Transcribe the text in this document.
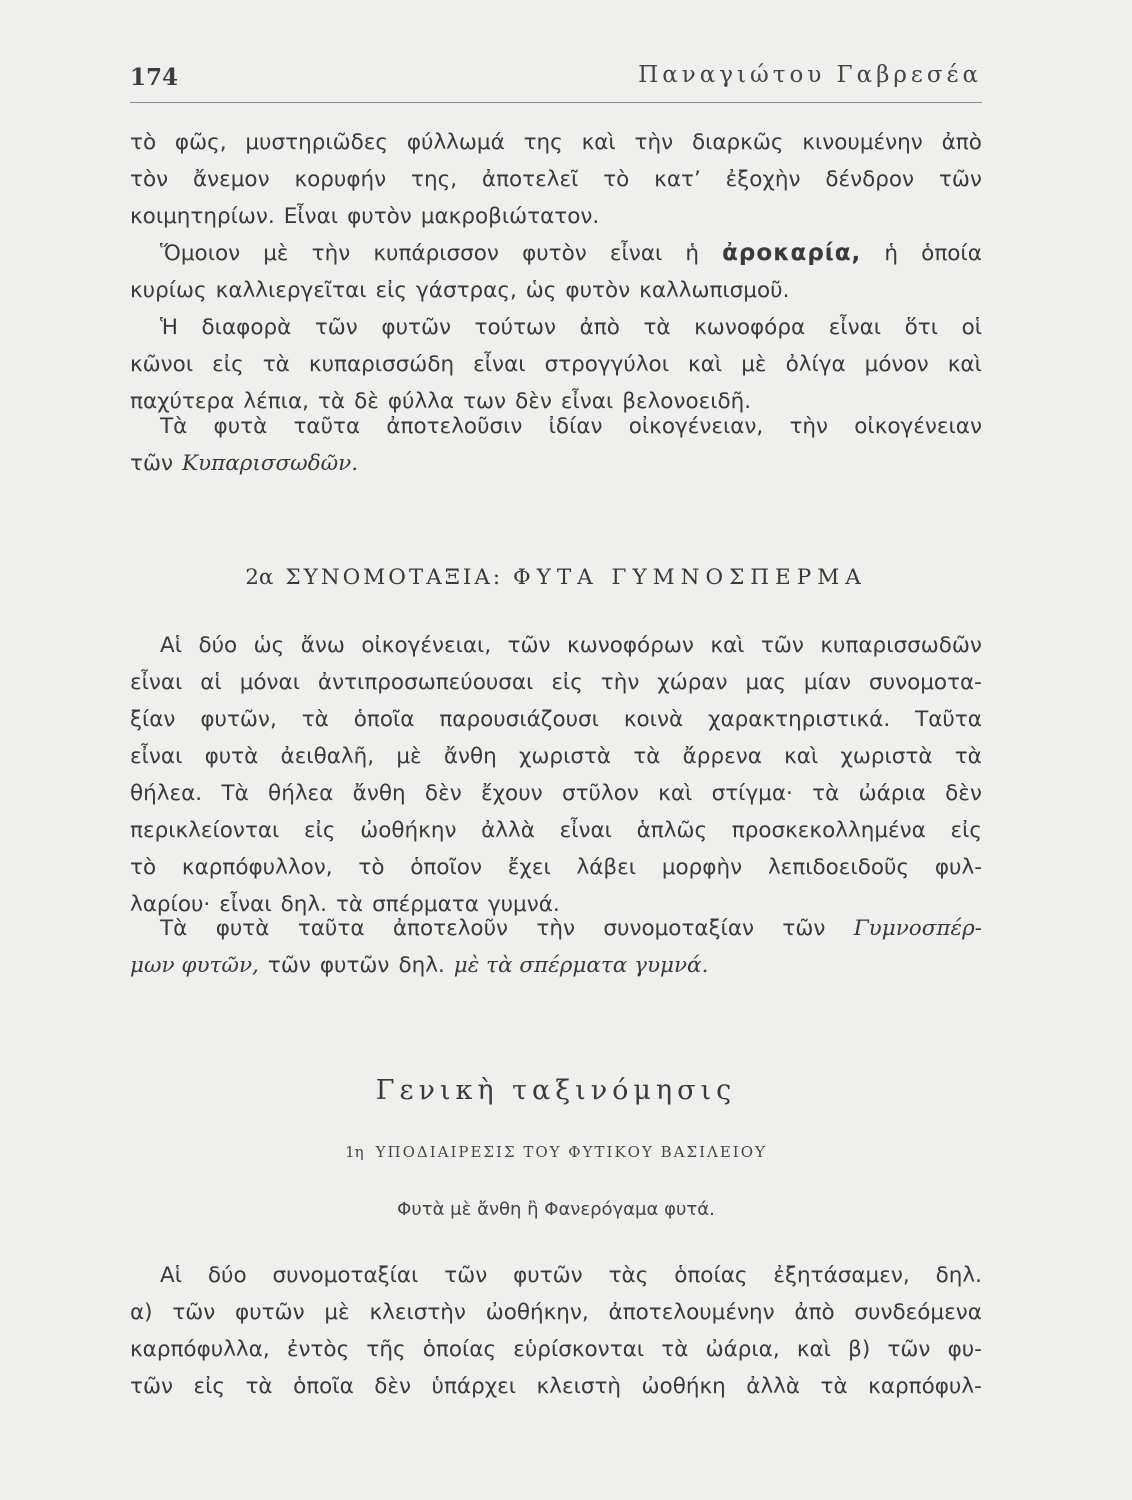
174	Παναγιώτου Γαβρεσέα
τὸ φῶς, μυστηριῶδες φύλλωμά της καὶ τὴν διαρκῶς κινουμένην ἀπὸ
τὸν ἄνεμον κορυφήν της, ἀποτελεῖ τὸ κατ’ ἐξοχὴν δένδρον τῶν
κοιμητηρίων. Εἶναι φυτὸν μακροβιώτατον.
Ὅμοιον μὲ τὴν κυπάρισσον φυτὸν εἶναι ἡ ἀροκαρία, ἡ ὁποία
κυρίως καλλιεργεῖται εἰς γάστρας, ὡς φυτὸν καλλωπισμοῦ.
Ἡ διαφορὰ τῶν φυτῶν τούτων ἀπὸ τὰ κωνοφόρα εἶναι ὅτι οἱ
κῶνοι εἰς τὰ κυπαρισσώδη εἶναι στρογγύλοι καὶ μὲ ὀλίγα μόνον καὶ
παχύτερα λέπια, τὰ δὲ φύλλα των δὲν εἶναι βελονοειδῆ.
Τὰ φυτὰ ταῦτα ἀποτελοῦσιν ἰδίαν οἰκογένειαν, τὴν οἰκογένειαν
τῶν Κυπαρισσωδῶν.
2α ΣΥΝΟΜΟΤΑΞΙΑ: ΦΥΤΑ ΓΥΜΝΟΣΠΕΡΜΑ
Αἱ δύο ὡς ἄνω οἰκογένειαι, τῶν κωνοφόρων καὶ τῶν κυπαρισσωδῶν
εἶναι αἱ μόναι ἀντιπροσωπεύουσαι εἰς τὴν χώραν μας μίαν συνομοτα-
ξίαν φυτῶν, τὰ ὁποῖα παρουσιάζουσι κοινὰ χαρακτηριστικά. Ταῦτα
εἶναι φυτὰ ἀειθαλῆ, μὲ ἄνθη χωριστὰ τὰ ἄρρενα καὶ χωριστὰ τὰ
θήλεα. Τὰ θήλεα ἄνθη δὲν ἔχουν στῦλον καὶ στίγμα· τὰ ὠάρια δὲν
περικλείονται εἰς ὠοθήκην ἀλλὰ εἶναι ἁπλῶς προσκεκολλημένα εἰς
τὸ καρπόφυλλον, τὸ ὁποῖον ἔχει λάβει μορφὴν λεπιδοειδοῦς φυλ-
λαρίου· εἶναι δηλ. τὰ σπέρματα γυμνά.
Τὰ φυτὰ ταῦτα ἀποτελοῦν τὴν συνομοταξίαν τῶν Γυμνοσπέρ-
μων φυτῶν, τῶν φυτῶν δηλ. μὲ τὰ σπέρματα γυμνά.
Γενικὴ ταξινόμησις
1η ΥΠΟΔΙΑΙΡΕΣΙΣ ΤΟΥ ΦΥΤΙΚΟΥ ΒΑΣΙΛΕΙΟΥ
Φυτὰ μὲ ἄνθη ἢ Φανερόγαμα φυτά.
Αἱ δύο συνομοταξίαι τῶν φυτῶν τὰς ὁποίας ἐξητάσαμεν, δηλ.
α) τῶν φυτῶν μὲ κλειστὴν ὠοθήκην, ἀποτελουμένην ἀπὸ συνδεόμενα
καρπόφυλλα, ἐντὸς τῆς ὁποίας εὑρίσκονται τὰ ὠάρια, καὶ β) τῶν φυ-
τῶν εἰς τὰ ὁποῖα δὲν ὑπάρχει κλειστὴ ὠοθήκη ἀλλὰ τὰ καρπόφυλ-
